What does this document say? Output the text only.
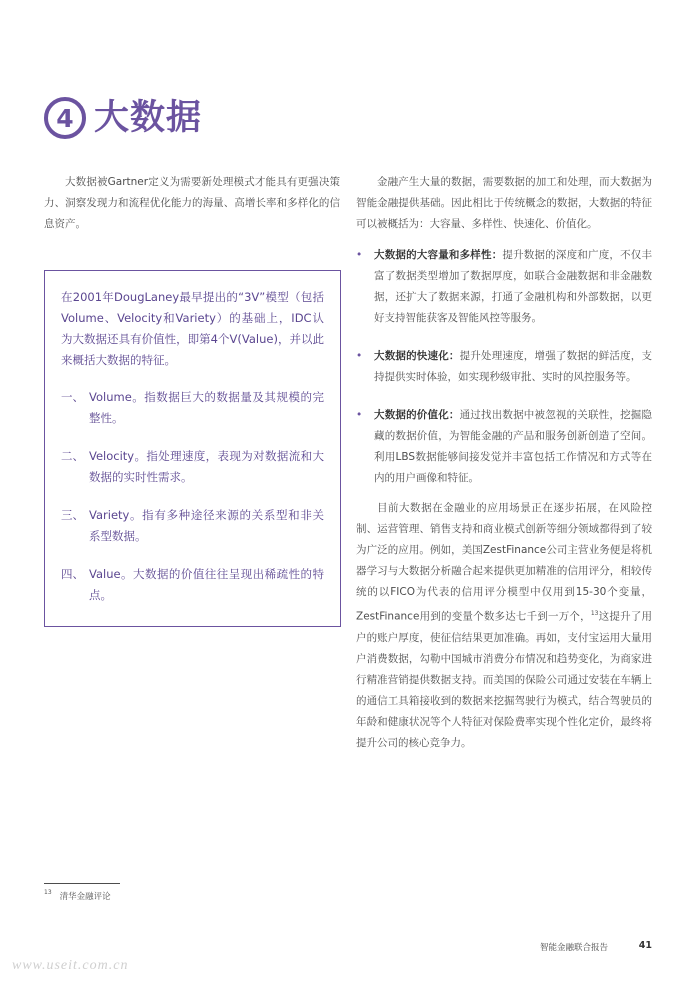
4 大数据

大数据被Gartner定义为需要新处理模式才能具有更强决策力、洞察发现力和流程优化能力的海量、高增长率和多样化的信息资产。

金融产生大量的数据，需要数据的加工和处理，而大数据为智能金融提供基础。因此相比于传统概念的数据，大数据的特征可以被概括为：大容量、多样性、快速化、价值化。

在2001年DougLaney最早提出的“3V”模型（包括Volume、Velocity和Variety）的基础上，IDC认为大数据还具有价值性，即第4个V(Value)，并以此来概括大数据的特征。

一、 Volume。指数据巨大的数据量及其规模的完整性。
二、 Velocity。指处理速度，表现为对数据流和大数据的实时性需求。
三、 Variety。指有多种途径来源的关系型和非关系型数据。
四、 Value。大数据的价值往往呈现出稀疏性的特点。
•	大数据的大容量和多样性：提升数据的深度和广度，不仅丰富了数据类型增加了数据厚度，如联合金融数据和非金融数据，还扩大了数据来源，打通了金融机构和外部数据，以更好支持智能获客及智能风控等服务。
•	大数据的快速化：提升处理速度，增强了数据的鲜活度，支持提供实时体验，如实现秒级审批、实时的风控服务等。
•	大数据的价值化：通过找出数据中被忽视的关联性，挖掘隐藏的数据价值，为智能金融的产品和服务创新创造了空间。利用LBS数据能够间接发觉并丰富包括工作情况和方式等在内的用户画像和特征。

目前大数据在金融业的应用场景正在逐步拓展，在风险控制、运营管理、销售支持和商业模式创新等细分领域都得到了较为广泛的应用。例如，美国ZestFinance公司主营业务便是将机器学习与大数据分析融合起来提供更加精准的信用评分，相较传统的以FICO为代表的信用评分模型中仅用到15-30个变量，ZestFinance用到的变量个数多达七千到一万个，$^{13}$这提升了用户的账户厚度，使征信结果更加准确。再如，支付宝运用大量用户消费数据，勾勒中国城市消费分布情况和趋势变化，为商家进行精准营销提供数据支持。而美国的保险公司通过安装在车辆上的通信工具箱接收到的数据来挖掘驾驶行为模式，结合驾驶员的年龄和健康状况等个人特征对保险费率实现个性化定价，最终将提升公司的核心竞争力。

13 清华金融评论
智能金融联合报告	41
www.useit.com.cn
